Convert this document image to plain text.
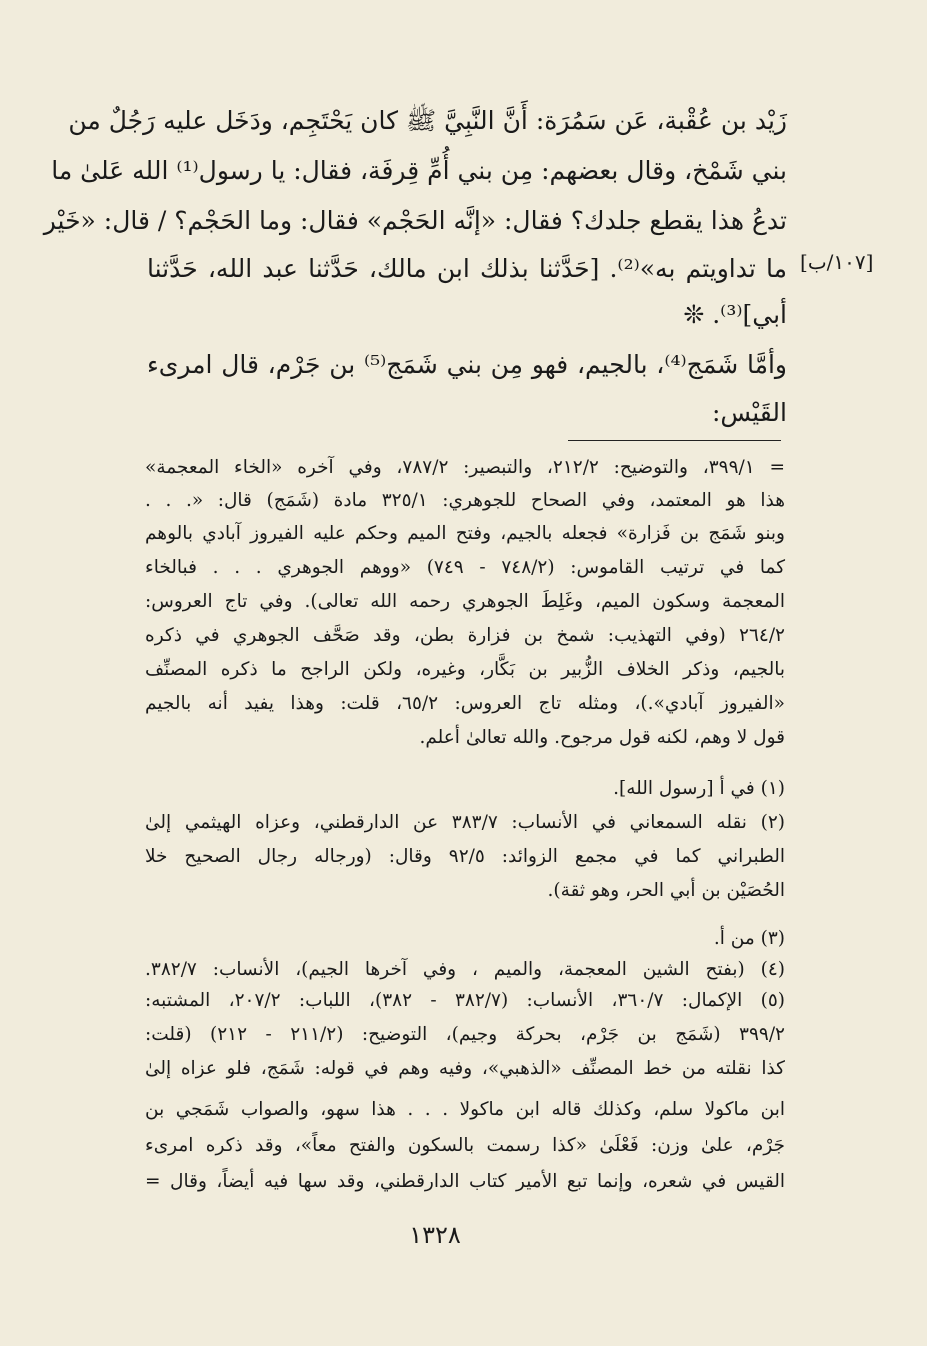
زَيْد بن عُقْبة، عَن سَمُرَة: أَنَّ النَّبِيَّ ﷺ كان يَحْتَجِم، ودَخَل عليه رَجُلٌ من
بني شَمْخ، وقال بعضهم: مِن بني أُمِّ قِرفَة، فقال: يا رسول⁽¹⁾ الله عَلىٰ ما
تدعُ هذا يقطع جلدك؟ فقال: «إنَّه الحَجْم» فقال: وما الحَجْم؟ / قال: «خَيْر
ما تداويتم به»⁽²⁾. [حَدَّثنا بذلك ابن مالك، حَدَّثنا عبد الله، حَدَّثنا
أبي]⁽³⁾. ❊
وأمَّا شَمَج⁽⁴⁾، بالجيم، فهو مِن بني شَمَج⁽⁵⁾ بن جَرْم، قال امرىء
القَيْس:
[١٠٧/ب]
= ٣٩٩/١، والتوضيح: ٢١٢/٢، والتبصير: ٧٨٧/٢، وفي آخره «الخاء المعجمة»
هذا هو المعتمد، وفي الصحاح للجوهري: ٣٢٥/١ مادة (شَمَج) قال: «. . .
وبنو شَمَج بن فَزارة» فجعله بالجيم، وفتح الميم وحكم عليه الفيروز آبادي بالوهم
كما في ترتيب القاموس: (٧٤٨/٢ - ٧٤٩) «ووهم الجوهري . . . فبالخاء
المعجمة وسكون الميم، وغَلِطَ الجوهري رحمه الله تعالى). وفي تاج العروس:
٢٦٤/٢ (وفي التهذيب: شمخ بن فزارة بطن، وقد صَحَّف الجوهري في ذكره
بالجيم، وذكر الخلاف الزُّبير بن بَكَّار، وغيره، ولكن الراجح ما ذكره المصنِّف
«الفيروز آبادي».)، ومثله تاج العروس: ٦٥/٢، قلت: وهذا يفيد أنه بالجيم
قول لا وهم، لكنه قول مرجوح. والله تعالىٰ أعلم.
(١) في أ [رسول الله].
(٢) نقله السمعاني في الأنساب: ٣٨٣/٧ عن الدارقطني، وعزاه الهيثمي إلىٰ
الطبراني كما في مجمع الزوائد: ٩٢/٥ وقال: (ورجاله رجال الصحيح خلا
الحُصَيْن بن أبي الحر، وهو ثقة).
(٣) من أ.
(٤) (بفتح الشين المعجمة، والميم ، وفي آخرها الجيم)، الأنساب: ٣٨٢/٧.
(٥) الإكمال: ٣٦٠/٧، الأنساب: (٣٨٢/٧ - ٣٨٢)، اللباب: ٢٠٧/٢، المشتبه:
٣٩٩/٢ (شَمَج بن جَرْم، بحركة وجيم)، التوضيح: (٢١١/٢ - ٢١٢) (قلت:
كذا نقلته من خط المصنِّف «الذهبي»، وفيه وهم في قوله: شَمَج، فلو عزاه إلىٰ
ابن ماكولا سلم، وكذلك قاله ابن ماكولا . . . هذا سهو، والصواب شَمَجي بن
جَرْم، علىٰ وزن: فَعْلَىٰ «كذا رسمت بالسكون والفتح معاً»، وقد ذكره امرىء
القيس في شعره، وإنما تبع الأمير كتاب الدارقطني، وقد سها فيه أيضاً، وقال =
١٣٢٨
